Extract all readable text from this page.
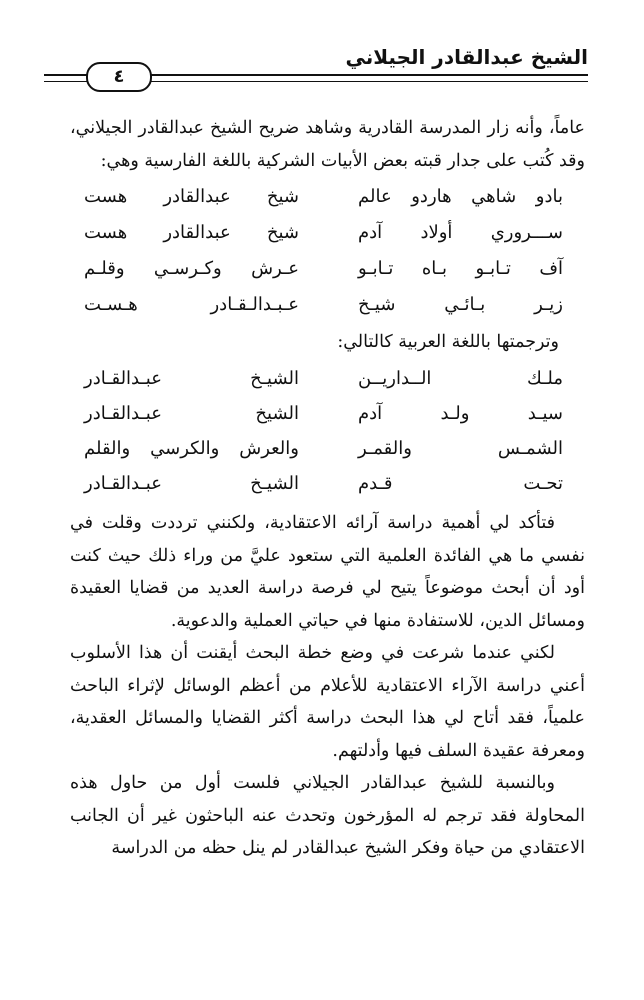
الشيخ عبدالقادر الجيلاني
٤

عاماً، وأنه زار المدرسة القادرية وشاهد ضريح الشيخ عبدالقادر الجيلاني، وقد كُتب على جدار قبته بعض الأبيات الشركية باللغة الفارسية وهي:

بادو شاهي هاردو عالم
شيخ عبدالقادر هست
ســـروري أولاد آدم
شيخ عبدالقادر هست
آف تـابـو بـاه تـابـو
عـرش وكـرسـي وقلـم
زيـر بـائـي شيـخ
عـبـدالـقـادر هـسـت
وترجمتها باللغة العربية كالتالي:
ملـك الــداريــن
الشيـخ عبـدالقـادر
سيـد ولـد آدم
الشيخ عبـدالقـادر
الشمـس والقمـر
والعرش والكرسي والقلم
تحـت قـدم
الشيـخ عبـدالقـادر

فتأكد لي أهمية دراسة آرائه الاعتقادية، ولكنني ترددت وقلت في نفسي ما هي الفائدة العلمية التي ستعود عليَّ من وراء ذلك حيث كنت أود أن أبحث موضوعاً يتيح لي فرصة دراسة العديد من قضايا العقيدة ومسائل الدين، للاستفادة منها في حياتي العملية والدعوية.

لكني عندما شرعت في وضع خطة البحث أيقنت أن هذا الأسلوب أعني دراسة الآراء الاعتقادية للأعلام من أعظم الوسائل لإثراء الباحث علمياً، فقد أتاح لي هذا البحث دراسة أكثر القضايا والمسائل العقدية، ومعرفة عقيدة السلف فيها وأدلتهم.

وبالنسبة للشيخ عبدالقادر الجيلاني فلست أول من حاول هذه المحاولة فقد ترجم له المؤرخون وتحدث عنه الباحثون غير أن الجانب الاعتقادي من حياة وفكر الشيخ عبدالقادر لم ينل حظه من الدراسة
